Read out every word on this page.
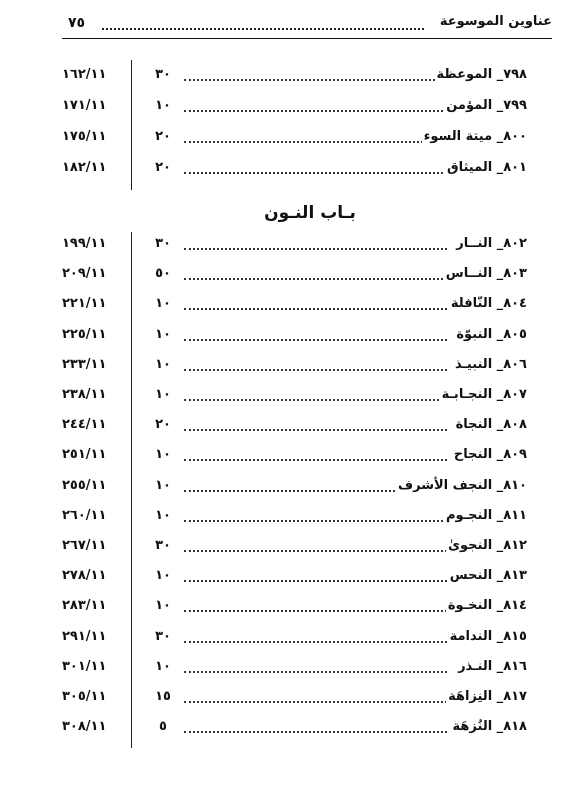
عناوين الموسوعة
٧٥
٧٩٨_ الموعظة
٣٠
١٦٢/١١
٧٩٩_ المؤمن
١٠
١٧١/١١
٨٠٠_ ميتة السوء
٢٠
١٧٥/١١
٨٠١_ الميثاق
٢٠
١٨٢/١١
بـاب النـون
٨٠٢_ النــار
٣٠
١٩٩/١١
٨٠٣_ النــاس
٥٠
٢٠٩/١١
٨٠٤_ النّافلة
١٠
٢٢١/١١
٨٠٥_ النبوّة
١٠
٢٢٥/١١
٨٠٦_ النبيـذ
١٠
٢٣٣/١١
٨٠٧_ النجـابـة
١٠
٢٣٨/١١
٨٠٨_ النجاة
٢٠
٢٤٤/١١
٨٠٩_ النجاح
١٠
٢٥١/١١
٨١٠_ النجف الأشرف
١٠
٢٥٥/١١
٨١١_ النجـوم
١٠
٢٦٠/١١
٨١٢_ النجوىٰ
٣٠
٢٦٧/١١
٨١٣_ النحس
١٠
٢٧٨/١١
٨١٤_ النخـوة
١٠
٢٨٣/١١
٨١٥_ الندامة
٣٠
٢٩١/١١
٨١٦_ النـذر
١٠
٣٠١/١١
٨١٧_ النِزاهَة
١٥
٣٠٥/١١
٨١٨_ النُزهَة
٥
٣٠٨/١١
